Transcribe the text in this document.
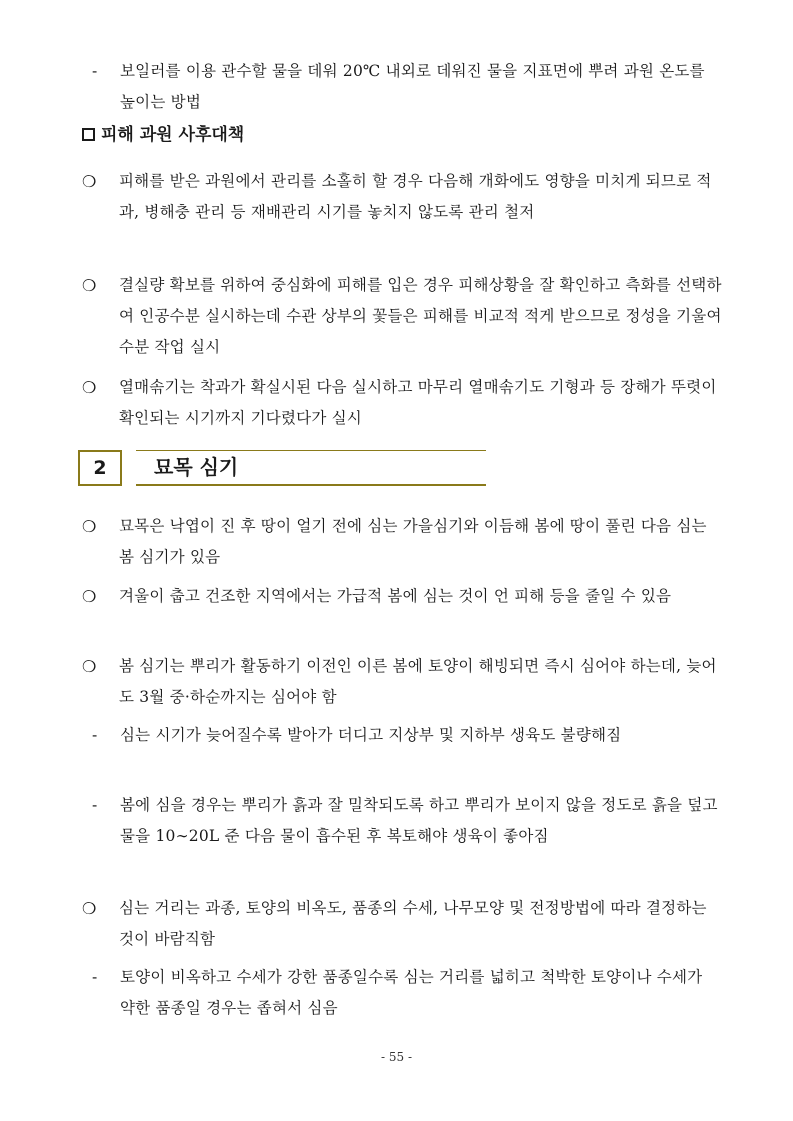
-	보일러를 이용 관수할 물을 데워 20℃ 내외로 데워진 물을 지표면에 뿌려 과원 온도를 높이는 방법
피해 과원 사후대책
❍ 피해를 받은 과원에서 관리를 소홀히 할 경우 다음해 개화에도 영향을 미치게 되므로 적과, 병해충 관리 등 재배관리 시기를 놓치지 않도록 관리 철저
❍ 결실량 확보를 위하여 중심화에 피해를 입은 경우 피해상황을 잘 확인하고 측화를 선택하여 인공수분 실시하는데 수관 상부의 꽃들은 피해를 비교적 적게 받으므로 정성을 기울여 수분 작업 실시
❍ 열매솎기는 착과가 확실시된 다음 실시하고 마무리 열매솎기도 기형과 등 장해가 뚜렷이 확인되는 시기까지 기다렸다가 실시
2	묘목 심기
❍ 묘목은 낙엽이 진 후 땅이 얼기 전에 심는 가을심기와 이듬해 봄에 땅이 풀린 다음 심는 봄 심기가 있음
❍ 겨울이 춥고 건조한 지역에서는 가급적 봄에 심는 것이 언 피해 등을 줄일 수 있음
❍ 봄 심기는 뿌리가 활동하기 이전인 이른 봄에 토양이 해빙되면 즉시 심어야 하는데, 늦어도 3월 중·하순까지는 심어야 함
-	심는 시기가 늦어질수록 발아가 더디고 지상부 및 지하부 생육도 불량해짐
-	봄에 심을 경우는 뿌리가 흙과 잘 밀착되도록 하고 뿌리가 보이지 않을 정도로 흙을 덮고 물을 10∼20L 준 다음 물이 흡수된 후 복토해야 생육이 좋아짐
❍ 심는 거리는 과종, 토양의 비옥도, 품종의 수세, 나무모양 및 전정방법에 따라 결정하는 것이 바람직함
-	토양이 비옥하고 수세가 강한 품종일수록 심는 거리를 넓히고 척박한 토양이나 수세가 약한 품종일 경우는 좁혀서 심음
- 55 -
